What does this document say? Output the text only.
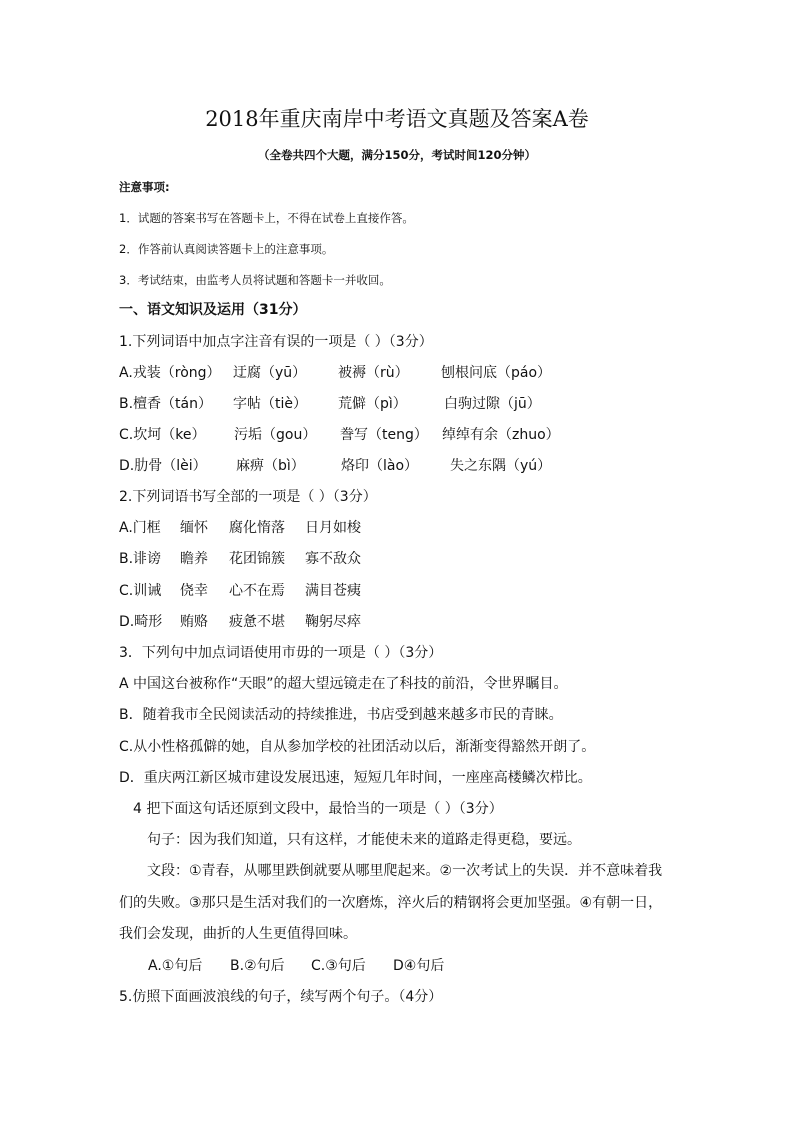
2018年重庆南岸中考语文真题及答案A卷
（全卷共四个大题，满分150分，考试时间120分钟）
注意事项:
1．试题的答案书写在答题卡上，不得在试卷上直接作答。
2．作答前认真阅读答题卡上的注意事项。
3．考试结束，由监考人员将试题和答题卡一并收回。
一、语文知识及运用（31分）
1.下列词语中加点字注音有误的一项是（ ）（3分）
A.戎装（ròng） 迂腐（yū） 被褥（rù） 刨根问底（páo）
B.檀香（tán） 字帖（tiè） 荒僻（pì）	白驹过隙（jū）
C.坎坷（ke） 污垢（gou） 誊写（teng） 绰绰有余（zhuo）
D.肋骨（lèi） 麻痹（bì）	烙印（lào） 失之东隅（yú）
2.下列词语书写全部的一项是（ ）（3分）
A.门框 缅怀 腐化惰落 日月如梭
B.诽谤 瞻养 花团锦簇 寡不敌众
C.训诫 侥幸 心不在焉 满目苍痍
D.畸形 贿赂 疲惫不堪 鞠躬尽瘁
3．下列句中加点词语使用市毋的一项是（ ）（3分）
A 中国这台被称作“天眼”的超大望远镜走在了科技的前沿，令世界瞩目。
B．随着我市全民阅读活动的持续推进，书店受到越来越多市民的青睐。
C.从小性格孤僻的她，自从参加学校的社团活动以后，渐渐变得豁然开朗了。
D．重庆两江新区城市建设发展迅速，短短几年时间，一座座高楼鳞次栉比。
4 把下面这句话还原到文段中，最恰当的一项是（ ）（3分）
句子：因为我们知道，只有这样，才能使未来的道路走得更稳，要远。
文段：①青春，从哪里跌倒就要从哪里爬起来。②一次考试上的失误．并不意味着我
们的失败。③那只是生活对我们的一次磨炼，淬火后的精钢将会更加坚强。④有朝一日，
我们会发现，曲折的人生更值得回味。
A.①句后 B.②句后 C.③句后 D④句后
5.仿照下面画波浪线的句子，续写两个句子。（4分）
